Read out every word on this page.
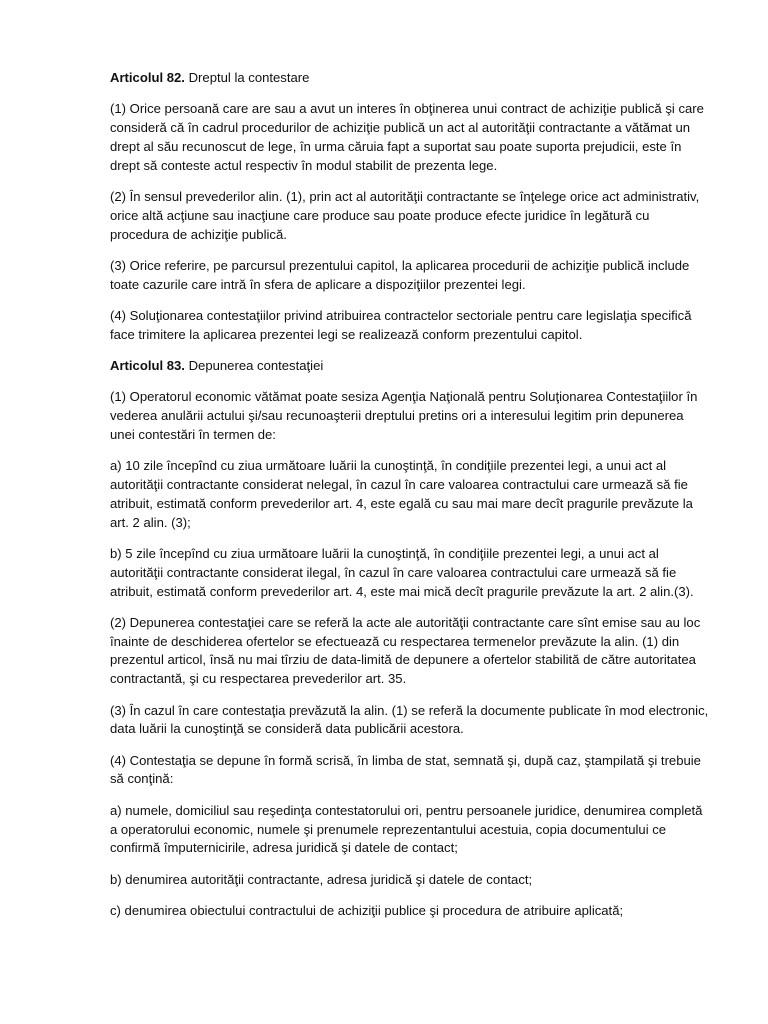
Articolul 82. Dreptul la contestare

(1) Orice persoană care are sau a avut un interes în obţinerea unui contract de achiziţie publică şi care consideră că în cadrul procedurilor de achiziţie publică un act al autorităţii contractante a vătămat un drept al său recunoscut de lege, în urma căruia fapt a suportat sau poate suporta prejudicii, este în drept să conteste actul respectiv în modul stabilit de prezenta lege.

(2) În sensul prevederilor alin. (1), prin act al autorităţii contractante se înţelege orice act administrativ, orice altă acţiune sau inacţiune care produce sau poate produce efecte juridice în legătură cu procedura de achiziţie publică.

(3) Orice referire, pe parcursul prezentului capitol, la aplicarea procedurii de achiziţie publică include toate cazurile care intră în sfera de aplicare a dispoziţiilor prezentei legi.

(4) Soluţionarea contestaţiilor privind atribuirea contractelor sectoriale pentru care legislaţia specifică face trimitere la aplicarea prezentei legi se realizează conform prezentului capitol.

Articolul 83. Depunerea contestaţiei

(1) Operatorul economic vătămat poate sesiza Agenţia Naţională pentru Soluţionarea Contestaţiilor în vederea anulării actului şi/sau recunoaşterii dreptului pretins ori a interesului legitim prin depunerea unei contestări în termen de:

a) 10 zile începînd cu ziua următoare luării la cunoştinţă, în condiţiile prezentei legi, a unui act al autorităţii contractante considerat nelegal, în cazul în care valoarea contractului care urmează să fie atribuit, estimată conform prevederilor art. 4, este egală cu sau mai mare decît pragurile prevăzute la art. 2 alin. (3);

b) 5 zile începînd cu ziua următoare luării la cunoştinţă, în condiţiile prezentei legi, a unui act al autorităţii contractante considerat ilegal, în cazul în care valoarea contractului care urmează să fie atribuit, estimată conform prevederilor art. 4, este mai mică decît pragurile prevăzute la art. 2 alin.(3).

(2) Depunerea contestaţiei care se referă la acte ale autorităţii contractante care sînt emise sau au loc înainte de deschiderea ofertelor se efectuează cu respectarea termenelor prevăzute la alin. (1) din prezentul articol, însă nu mai tîrziu de data-limită de depunere a ofertelor stabilită de către autoritatea contractantă, şi cu respectarea prevederilor art. 35.

(3) În cazul în care contestaţia prevăzută la alin. (1) se referă la documente publicate în mod electronic, data luării la cunoştinţă se consideră data publicării acestora.

(4) Contestaţia se depune în formă scrisă, în limba de stat, semnată şi, după caz, ştampilată şi trebuie să conţină:

a) numele, domiciliul sau reşedinţa contestatorului ori, pentru persoanele juridice, denumirea completă a operatorului economic, numele şi prenumele reprezentantului acestuia, copia documentului ce confirmă împuternicirile, adresa juridică şi datele de contact;

b) denumirea autorităţii contractante, adresa juridică şi datele de contact;

c) denumirea obiectului contractului de achiziţii publice şi procedura de atribuire aplicată;
